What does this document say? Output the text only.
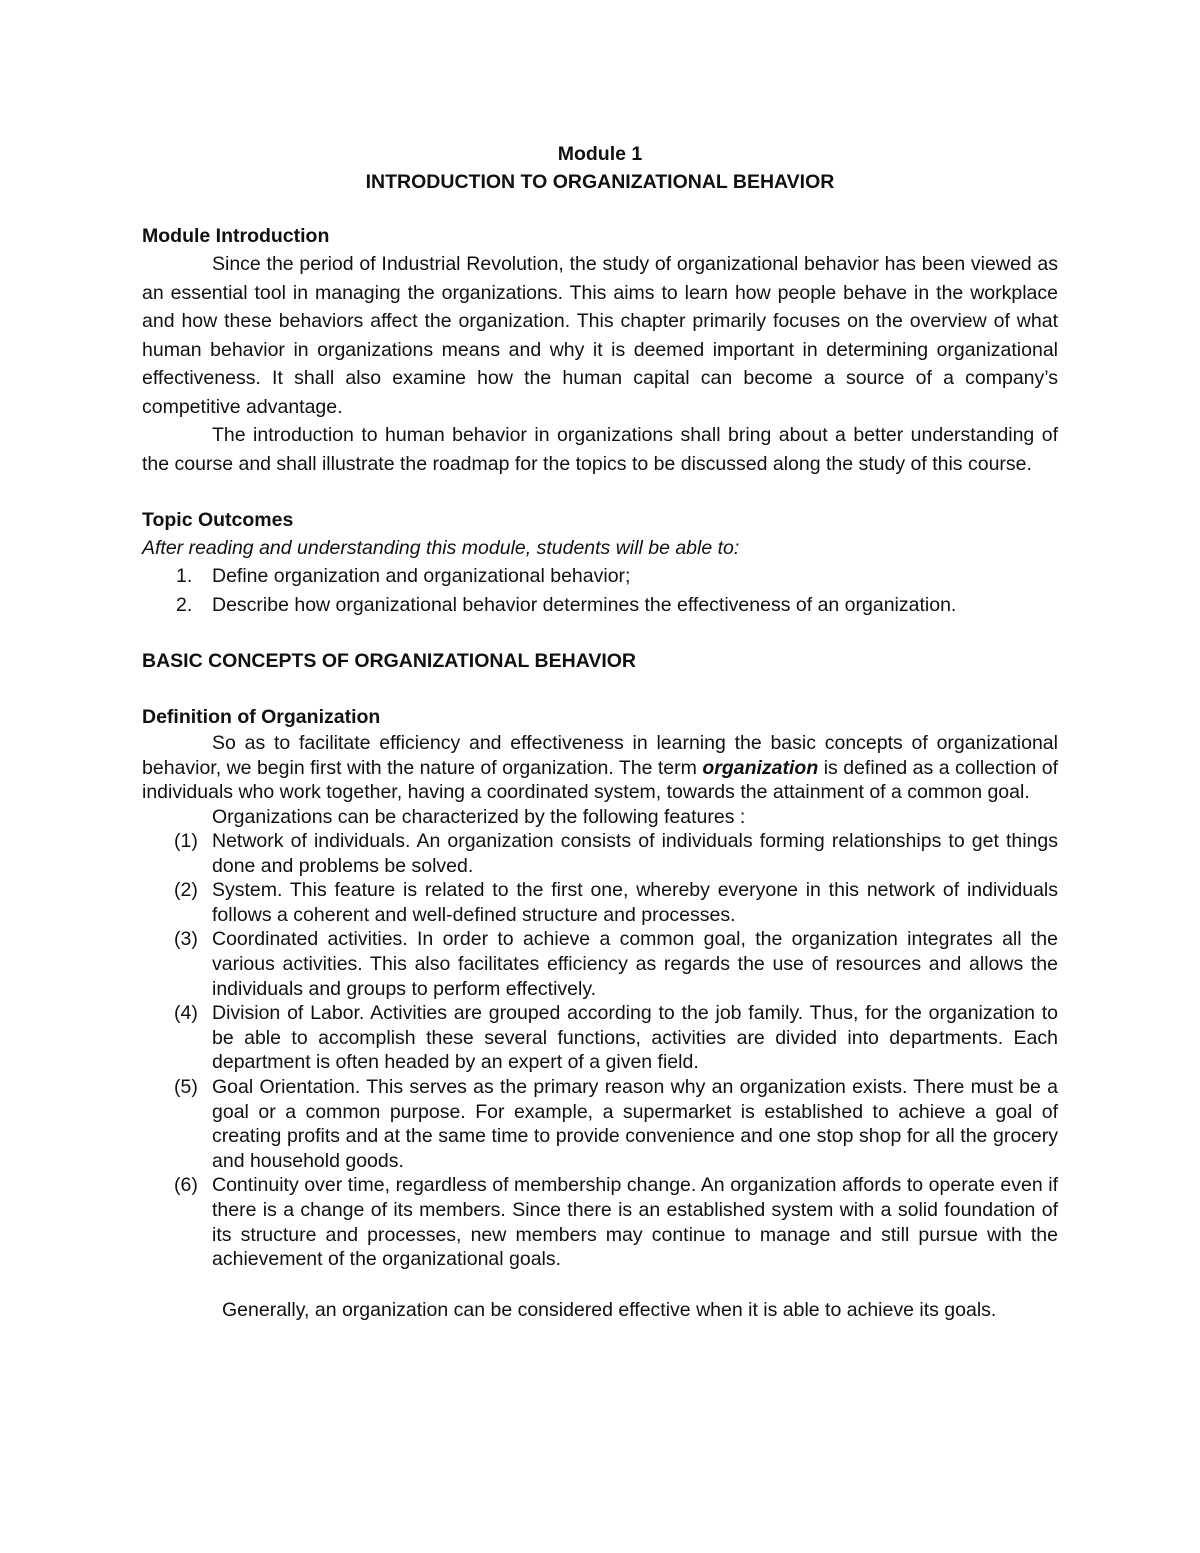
Module 1
INTRODUCTION TO ORGANIZATIONAL BEHAVIOR
Module Introduction
Since the period of Industrial Revolution, the study of organizational behavior has been viewed as an essential tool in managing the organizations. This aims to learn how people behave in the workplace and how these behaviors affect the organization. This chapter primarily focuses on the overview of what human behavior in organizations means and why it is deemed important in determining organizational effectiveness. It shall also examine how the human capital can become a source of a company’s competitive advantage.
The introduction to human behavior in organizations shall bring about a better understanding of the course and shall illustrate the roadmap for the topics to be discussed along the study of this course.
Topic Outcomes
After reading and understanding this module, students will be able to:
1. Define organization and organizational behavior;
2. Describe how organizational behavior determines the effectiveness of an organization.
BASIC CONCEPTS OF ORGANIZATIONAL BEHAVIOR
Definition of Organization
So as to facilitate efficiency and effectiveness in learning the basic concepts of organizational behavior, we begin first with the nature of organization. The term organization is defined as a collection of individuals who work together, having a coordinated system, towards the attainment of a common goal.
Organizations can be characterized by the following features :
(1) Network of individuals. An organization consists of individuals forming relationships to get things done and problems be solved.
(2) System. This feature is related to the first one, whereby everyone in this network of individuals follows a coherent and well-defined structure and processes.
(3) Coordinated activities. In order to achieve a common goal, the organization integrates all the various activities. This also facilitates efficiency as regards the use of resources and allows the individuals and groups to perform effectively.
(4) Division of Labor. Activities are grouped according to the job family. Thus, for the organization to be able to accomplish these several functions, activities are divided into departments. Each department is often headed by an expert of a given field.
(5) Goal Orientation. This serves as the primary reason why an organization exists. There must be a goal or a common purpose. For example, a supermarket is established to achieve a goal of creating profits and at the same time to provide convenience and one stop shop for all the grocery and household goods.
(6) Continuity over time, regardless of membership change. An organization affords to operate even if there is a change of its members. Since there is an established system with a solid foundation of its structure and processes, new members may continue to manage and still pursue with the achievement of the organizational goals.
Generally, an organization can be considered effective when it is able to achieve its goals.
